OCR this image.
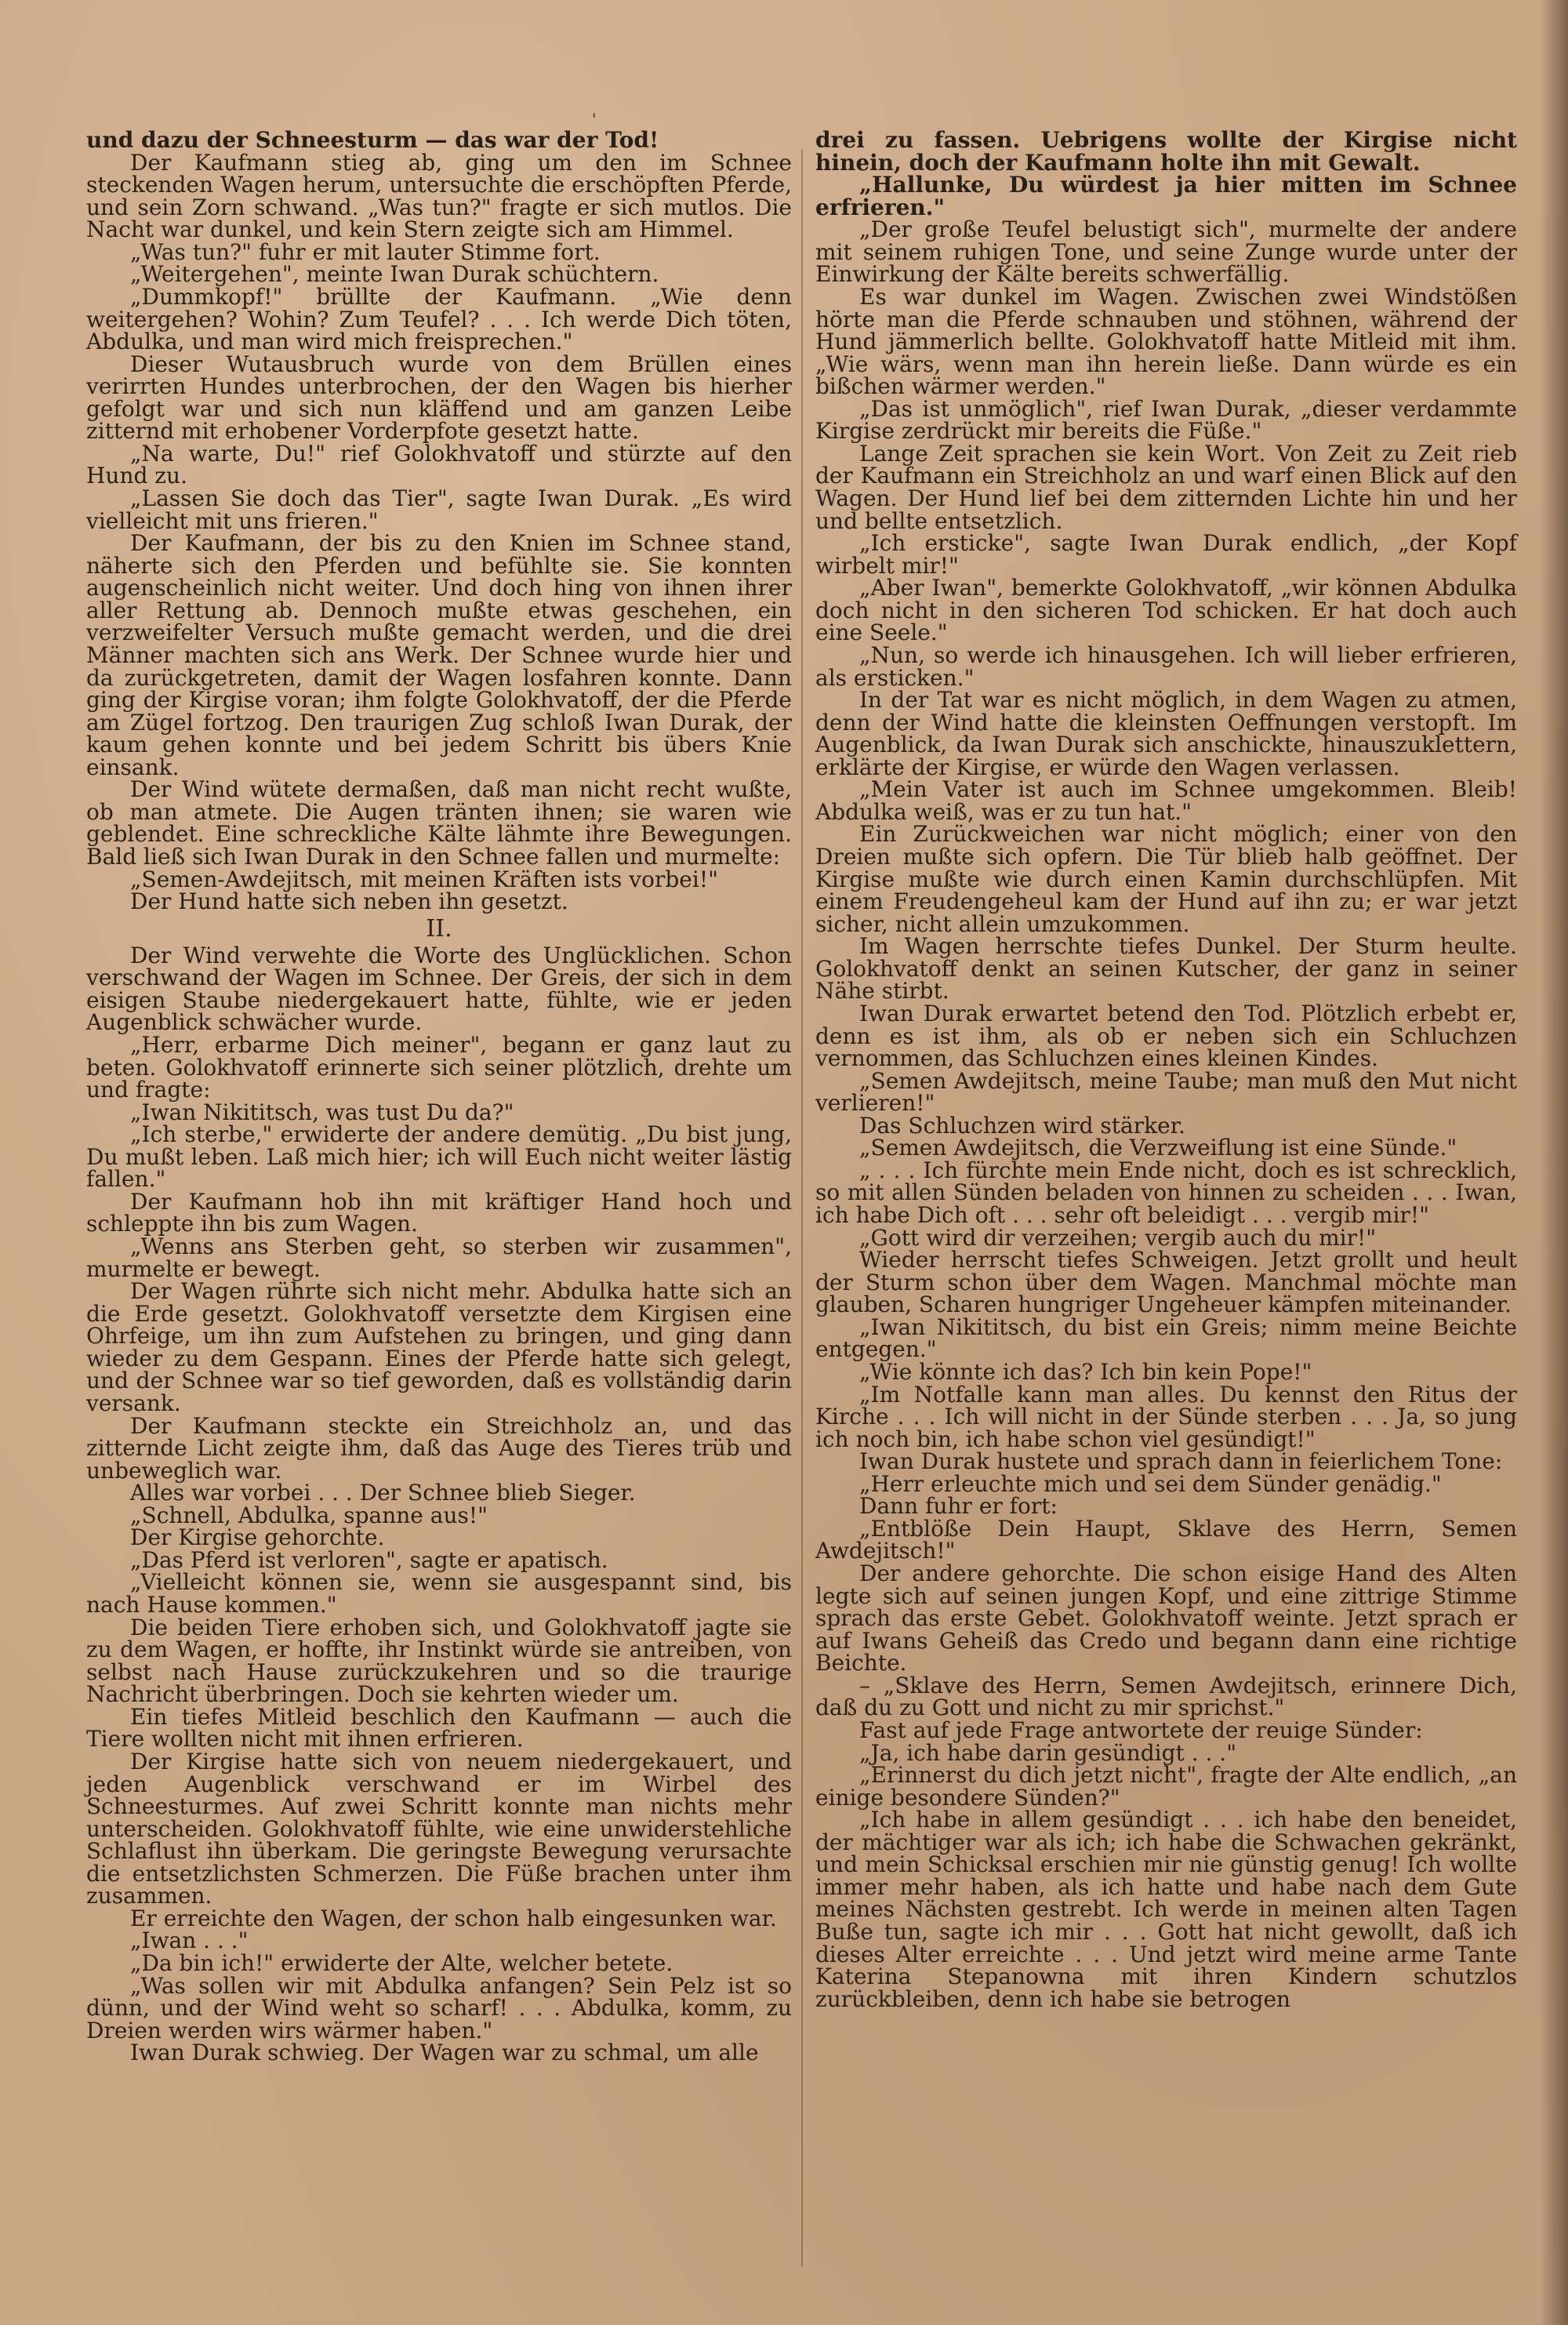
'

und dazu der Schneesturm — das war der Tod!

Der Kaufmann stieg ab, ging um den im Schnee steckenden Wagen herum, untersuchte die erschöpften Pferde, und sein Zorn schwand. „Was tun?" fragte er sich mutlos. Die Nacht war dunkel, und kein Stern zeigte sich am Himmel.

„Was tun?" fuhr er mit lauter Stimme fort.

„Weitergehen", meinte Iwan Durak schüchtern.

„Dummkopf!" brüllte der Kaufmann. „Wie denn weitergehen? Wohin? Zum Teufel? . . . Ich werde Dich töten, Abdulka, und man wird mich freisprechen."

Dieser Wutausbruch wurde von dem Brüllen eines verirrten Hundes unterbrochen, der den Wagen bis hierher gefolgt war und sich nun kläffend und am ganzen Leibe zitternd mit erhobener Vorderpfote gesetzt hatte.

„Na warte, Du!" rief Golokhvatoff und stürzte auf den Hund zu.

„Lassen Sie doch das Tier", sagte Iwan Durak. „Es wird vielleicht mit uns frieren."

Der Kaufmann, der bis zu den Knien im Schnee stand, näherte sich den Pferden und befühlte sie. Sie konnten augenscheinlich nicht weiter. Und doch hing von ihnen ihrer aller Rettung ab. Dennoch mußte etwas geschehen, ein verzweifelter Versuch mußte gemacht werden, und die drei Männer machten sich ans Werk. Der Schnee wurde hier und da zurückgetreten, damit der Wagen losfahren konnte. Dann ging der Kirgise voran; ihm folgte Golokhvatoff, der die Pferde am Zügel fortzog. Den traurigen Zug schloß Iwan Durak, der kaum gehen konnte und bei jedem Schritt bis übers Knie einsank.

Der Wind wütete dermaßen, daß man nicht recht wußte, ob man atmete. Die Augen tränten ihnen; sie waren wie geblendet. Eine schreckliche Kälte lähmte ihre Bewegungen. Bald ließ sich Iwan Durak in den Schnee fallen und murmelte:

„Semen-Awdejitsch, mit meinen Kräften ists vorbei!"

Der Hund hatte sich neben ihn gesetzt.

II.

Der Wind verwehte die Worte des Unglücklichen. Schon verschwand der Wagen im Schnee. Der Greis, der sich in dem eisigen Staube niedergekauert hatte, fühlte, wie er jeden Augenblick schwächer wurde.

„Herr, erbarme Dich meiner", begann er ganz laut zu beten. Golokhvatoff erinnerte sich seiner plötzlich, drehte um und fragte:

„Iwan Nikititsch, was tust Du da?"

„Ich sterbe," erwiderte der andere demütig. „Du bist jung, Du mußt leben. Laß mich hier; ich will Euch nicht weiter lästig fallen."

Der Kaufmann hob ihn mit kräftiger Hand hoch und schleppte ihn bis zum Wagen.

„Wenns ans Sterben geht, so sterben wir zusammen", murmelte er bewegt.

Der Wagen rührte sich nicht mehr. Abdulka hatte sich an die Erde gesetzt. Golokhvatoff versetzte dem Kirgisen eine Ohrfeige, um ihn zum Aufstehen zu bringen, und ging dann wieder zu dem Gespann. Eines der Pferde hatte sich gelegt, und der Schnee war so tief geworden, daß es vollständig darin versank.

Der Kaufmann steckte ein Streichholz an, und das zitternde Licht zeigte ihm, daß das Auge des Tieres trüb und unbeweglich war.

Alles war vorbei . . . Der Schnee blieb Sieger.

„Schnell, Abdulka, spanne aus!"

Der Kirgise gehorchte.

„Das Pferd ist verloren", sagte er apatisch.

„Vielleicht können sie, wenn sie ausgespannt sind, bis nach Hause kommen."

Die beiden Tiere erhoben sich, und Golokhvatoff jagte sie zu dem Wagen, er hoffte, ihr Instinkt würde sie antreiben, von selbst nach Hause zurückzukehren und so die traurige Nachricht überbringen. Doch sie kehrten wieder um.

Ein tiefes Mitleid beschlich den Kaufmann — auch die Tiere wollten nicht mit ihnen erfrieren.

Der Kirgise hatte sich von neuem niedergekauert, und jeden Augenblick verschwand er im Wirbel des Schneesturmes. Auf zwei Schritt konnte man nichts mehr unterscheiden. Golokhvatoff fühlte, wie eine unwiderstehliche Schlaflust ihn überkam. Die geringste Bewegung verursachte die entsetzlichsten Schmerzen. Die Füße brachen unter ihm zusammen.

Er erreichte den Wagen, der schon halb eingesunken war.

„Iwan . . ."

„Da bin ich!" erwiderte der Alte, welcher betete.

„Was sollen wir mit Abdulka anfangen? Sein Pelz ist so dünn, und der Wind weht so scharf! . . . Abdulka, komm, zu Dreien werden wirs wärmer haben."

Iwan Durak schwieg. Der Wagen war zu schmal, um alle

drei zu fassen. Uebrigens wollte der Kirgise nicht hinein, doch der Kaufmann holte ihn mit Gewalt.

„Hallunke, Du würdest ja hier mitten im Schnee erfrieren."

„Der große Teufel belustigt sich", murmelte der andere mit seinem ruhigen Tone, und seine Zunge wurde unter der Einwirkung der Kälte bereits schwerfällig.

Es war dunkel im Wagen. Zwischen zwei Windstößen hörte man die Pferde schnauben und stöhnen, während der Hund jämmerlich bellte. Golokhvatoff hatte Mitleid mit ihm. „Wie wärs, wenn man ihn herein ließe. Dann würde es ein bißchen wärmer werden."

„Das ist unmöglich", rief Iwan Durak, „dieser verdammte Kirgise zerdrückt mir bereits die Füße."

Lange Zeit sprachen sie kein Wort. Von Zeit zu Zeit rieb der Kaufmann ein Streichholz an und warf einen Blick auf den Wagen. Der Hund lief bei dem zitternden Lichte hin und her und bellte entsetzlich.

„Ich ersticke", sagte Iwan Durak endlich, „der Kopf wirbelt mir!"

„Aber Iwan", bemerkte Golokhvatoff, „wir können Abdulka doch nicht in den sicheren Tod schicken. Er hat doch auch eine Seele."

„Nun, so werde ich hinausgehen. Ich will lieber erfrieren, als ersticken."

In der Tat war es nicht möglich, in dem Wagen zu atmen, denn der Wind hatte die kleinsten Oeffnungen verstopft. Im Augenblick, da Iwan Durak sich anschickte, hinauszuklettern, erklärte der Kirgise, er würde den Wagen verlassen.

„Mein Vater ist auch im Schnee umgekommen. Bleib! Abdulka weiß, was er zu tun hat."

Ein Zurückweichen war nicht möglich; einer von den Dreien mußte sich opfern. Die Tür blieb halb geöffnet. Der Kirgise mußte wie durch einen Kamin durchschlüpfen. Mit einem Freudengeheul kam der Hund auf ihn zu; er war jetzt sicher, nicht allein umzukommen.

Im Wagen herrschte tiefes Dunkel. Der Sturm heulte. Golokhvatoff denkt an seinen Kutscher, der ganz in seiner Nähe stirbt.

Iwan Durak erwartet betend den Tod. Plötzlich erbebt er, denn es ist ihm, als ob er neben sich ein Schluchzen vernommen, das Schluchzen eines kleinen Kindes.

„Semen Awdejitsch, meine Taube; man muß den Mut nicht verlieren!"

Das Schluchzen wird stärker.

„Semen Awdejitsch, die Verzweiflung ist eine Sünde."

„ . . . Ich fürchte mein Ende nicht, doch es ist schrecklich, so mit allen Sünden beladen von hinnen zu scheiden . . . Iwan, ich habe Dich oft . . . sehr oft beleidigt . . . vergib mir!"

„Gott wird dir verzeihen; vergib auch du mir!"

Wieder herrscht tiefes Schweigen. Jetzt grollt und heult der Sturm schon über dem Wagen. Manchmal möchte man glauben, Scharen hungriger Ungeheuer kämpfen miteinander.

„Iwan Nikititsch, du bist ein Greis; nimm meine Beichte entgegen."

„Wie könnte ich das? Ich bin kein Pope!"

„Im Notfalle kann man alles. Du kennst den Ritus der Kirche . . . Ich will nicht in der Sünde sterben . . . Ja, so jung ich noch bin, ich habe schon viel gesündigt!"

Iwan Durak hustete und sprach dann in feierlichem Tone:

„Herr erleuchte mich und sei dem Sünder genädig."

Dann fuhr er fort:

„Entblöße Dein Haupt, Sklave des Herrn, Semen Awdejitsch!"

Der andere gehorchte. Die schon eisige Hand des Alten legte sich auf seinen jungen Kopf, und eine zittrige Stimme sprach das erste Gebet. Golokhvatoff weinte. Jetzt sprach er auf Iwans Geheiß das Credo und begann dann eine richtige Beichte.

– „Sklave des Herrn, Semen Awdejitsch, erinnere Dich, daß du zu Gott und nicht zu mir sprichst."

Fast auf jede Frage antwortete der reuige Sünder:

„Ja, ich habe darin gesündigt . . ."

„Erinnerst du dich jetzt nicht", fragte der Alte endlich, „an einige besondere Sünden?"

„Ich habe in allem gesündigt . . . ich habe den beneidet, der mächtiger war als ich; ich habe die Schwachen gekränkt, und mein Schicksal erschien mir nie günstig genug! Ich wollte immer mehr haben, als ich hatte und habe nach dem Gute meines Nächsten gestrebt. Ich werde in meinen alten Tagen Buße tun, sagte ich mir . . . Gott hat nicht gewollt, daß ich dieses Alter erreichte . . . Und jetzt wird meine arme Tante Katerina Stepanowna mit ihren Kindern schutzlos zurückbleiben, denn ich habe sie betrogen
